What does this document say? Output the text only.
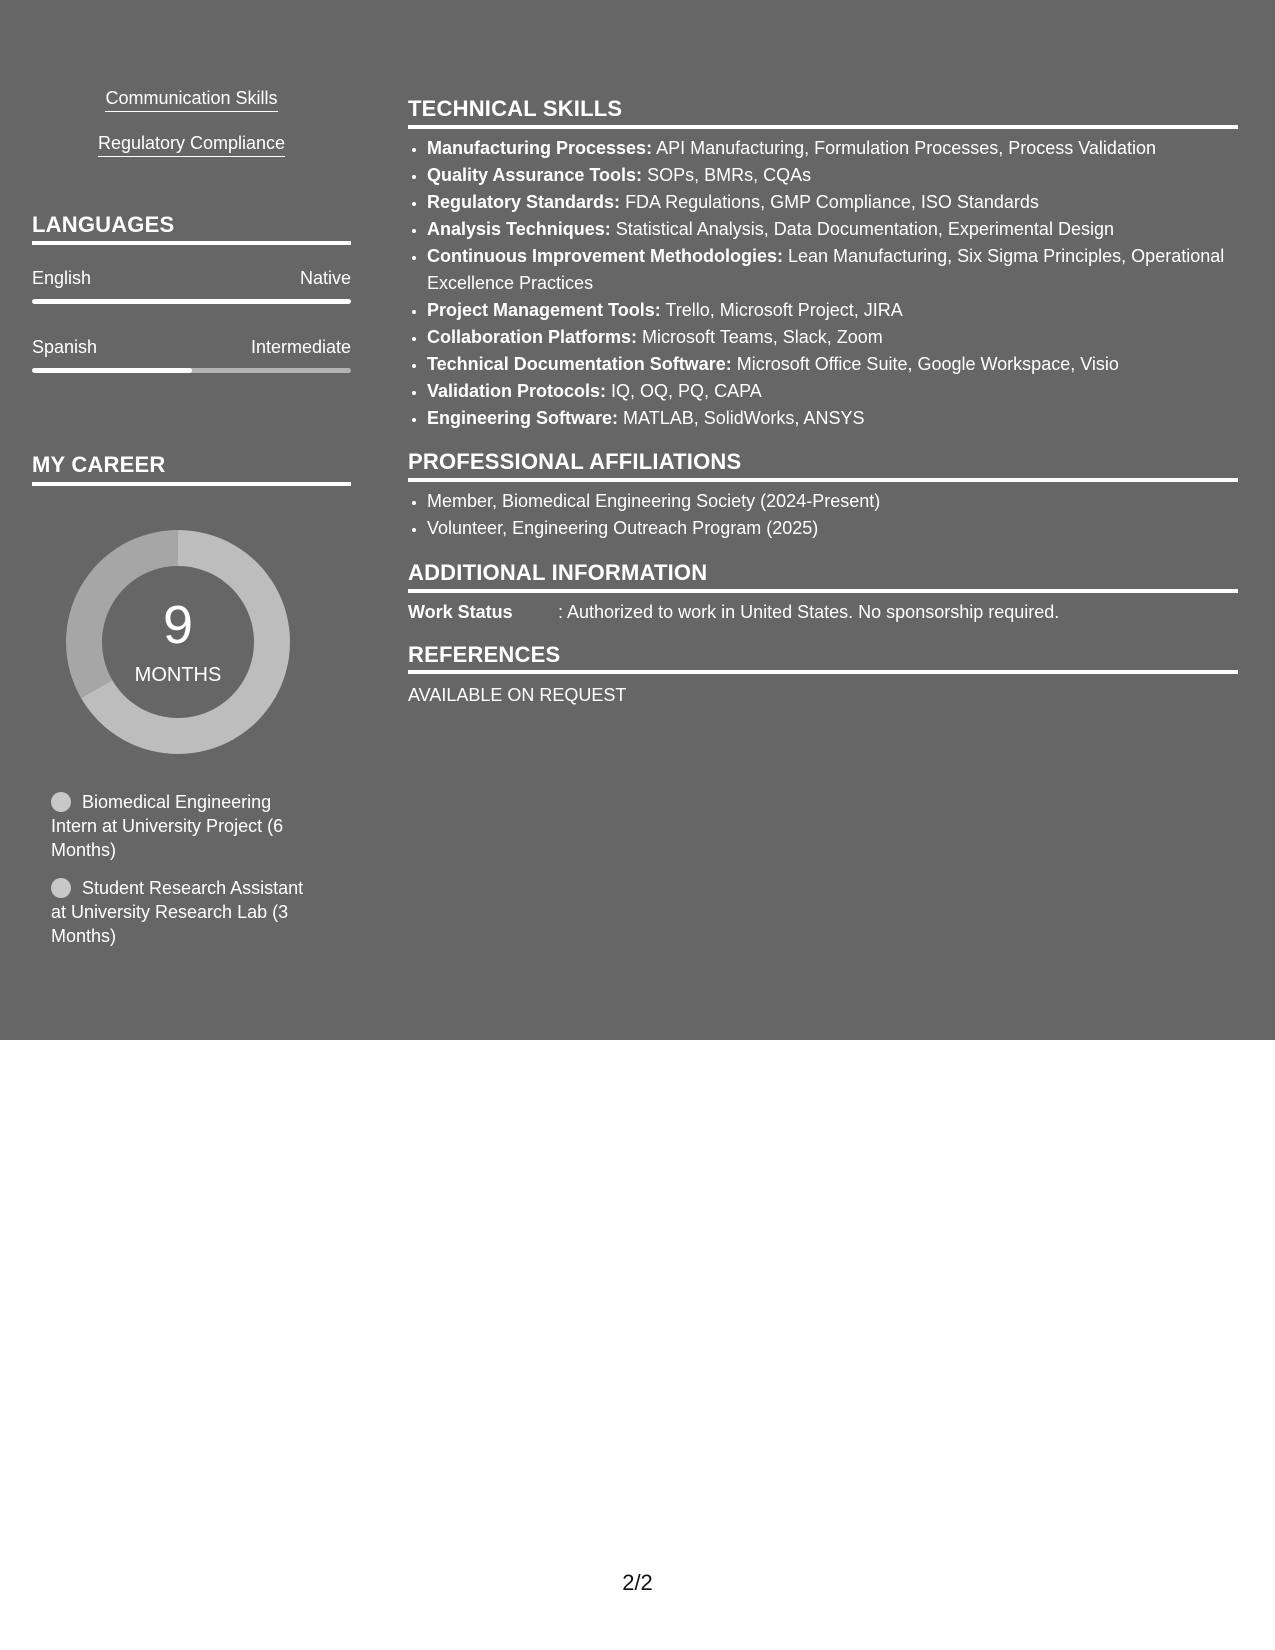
Communication Skills
Regulatory Compliance
LANGUAGES
English	Native
Spanish	Intermediate
MY CAREER
9
MONTHS
Biomedical Engineering Intern at University Project (6 Months)
Student Research Assistant at University Research Lab (3 Months)
TECHNICAL SKILLS
• Manufacturing Processes: API Manufacturing, Formulation Processes, Process Validation
• Quality Assurance Tools: SOPs, BMRs, CQAs
• Regulatory Standards: FDA Regulations, GMP Compliance, ISO Standards
• Analysis Techniques: Statistical Analysis, Data Documentation, Experimental Design
• Continuous Improvement Methodologies: Lean Manufacturing, Six Sigma Principles, Operational Excellence Practices
• Project Management Tools: Trello, Microsoft Project, JIRA
• Collaboration Platforms: Microsoft Teams, Slack, Zoom
• Technical Documentation Software: Microsoft Office Suite, Google Workspace, Visio
• Validation Protocols: IQ, OQ, PQ, CAPA
• Engineering Software: MATLAB, SolidWorks, ANSYS
PROFESSIONAL AFFILIATIONS
• Member, Biomedical Engineering Society (2024-Present)
• Volunteer, Engineering Outreach Program (2025)
ADDITIONAL INFORMATION
Work Status	: Authorized to work in United States. No sponsorship required.
REFERENCES
AVAILABLE ON REQUEST
2/2
